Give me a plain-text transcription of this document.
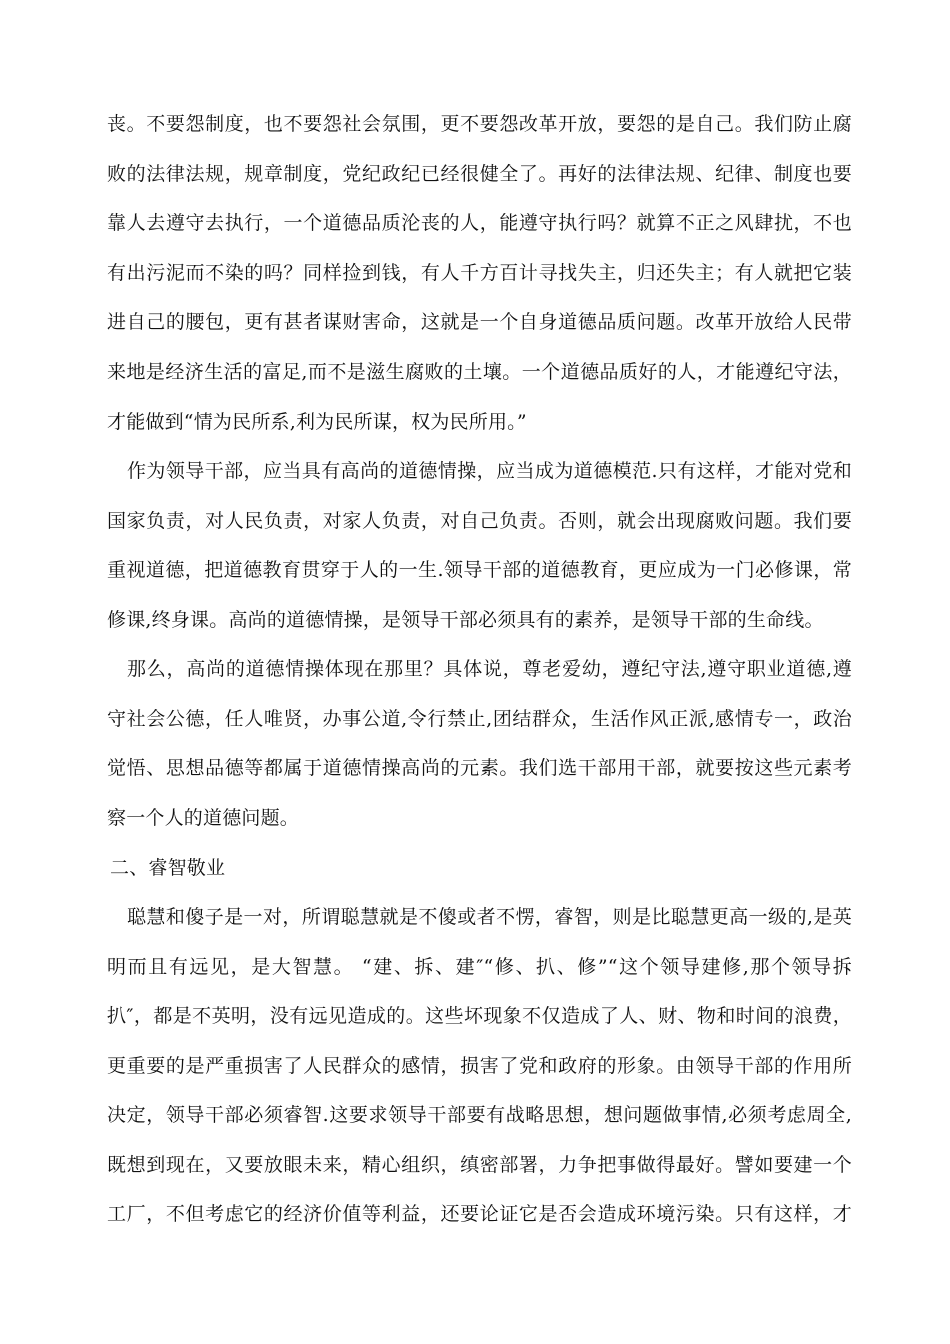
丧。不要怨制度，也不要怨社会氛围，更不要怨改革开放，要怨的是自己。我们防止腐
败的法律法规，规章制度，党纪政纪已经很健全了。再好的法律法规、纪律、制度也要
靠人去遵守去执行，一个道德品质沦丧的人，能遵守执行吗？就算不正之风肆扰，不也
有出污泥而不染的吗？同样捡到钱，有人千方百计寻找失主，归还失主；有人就把它装
进自己的腰包，更有甚者谋财害命，这就是一个自身道德品质问题。改革开放给人民带
来地是经济生活的富足,而不是滋生腐败的土壤。一个道德品质好的人，才能遵纪守法，
才能做到“情为民所系,利为民所谋，权为民所用。”
作为领导干部，应当具有高尚的道德情操，应当成为道德模范.只有这样，才能对党和
国家负责，对人民负责，对家人负责，对自己负责。否则，就会出现腐败问题。我们要
重视道德，把道德教育贯穿于人的一生.领导干部的道德教育，更应成为一门必修课，常
修课,终身课。高尚的道德情操，是领导干部必须具有的素养，是领导干部的生命线。
那么，高尚的道德情操体现在那里？具体说，尊老爱幼，遵纪守法,遵守职业道德,遵
守社会公德，任人唯贤，办事公道,令行禁止,团结群众，生活作风正派,感情专一，政治
觉悟、思想品德等都属于道德情操高尚的元素。我们选干部用干部，就要按这些元素考
察一个人的道德问题。
二、睿智敬业
聪慧和傻子是一对，所谓聪慧就是不傻或者不愣，睿智，则是比聪慧更高一级的,是英
明而且有远见，是大智慧。 “建、拆、建″“修、扒、修”“这个领导建修,那个领导拆
扒″，都是不英明，没有远见造成的。这些坏现象不仅造成了人、财、物和时间的浪费，
更重要的是严重损害了人民群众的感情，损害了党和政府的形象。由领导干部的作用所
决定，领导干部必须睿智.这要求领导干部要有战略思想，想问题做事情,必须考虑周全,
既想到现在，又要放眼未来，精心组织，缜密部署，力争把事做得最好。譬如要建一个
工厂，不但考虑它的经济价值等利益，还要论证它是否会造成环境污染。只有这样，才
